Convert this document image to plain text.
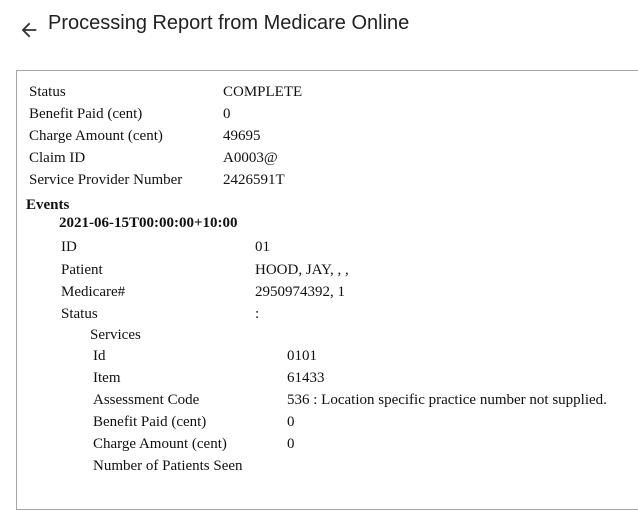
Processing Report from Medicare Online
Status	COMPLETE
Benefit Paid (cent)	0
Charge Amount (cent)	49695
Claim ID	A0003@
Service Provider Number	2426591T
Events
2021-06-15T00:00:00+10:00
ID	01
Patient	HOOD, JAY, , ,
Medicare#	2950974392, 1
Status	:
Services
Id	0101
Item	61433
Assessment Code	536 : Location specific practice number not supplied.
Benefit Paid (cent)	0
Charge Amount (cent)	0
Number of Patients Seen
